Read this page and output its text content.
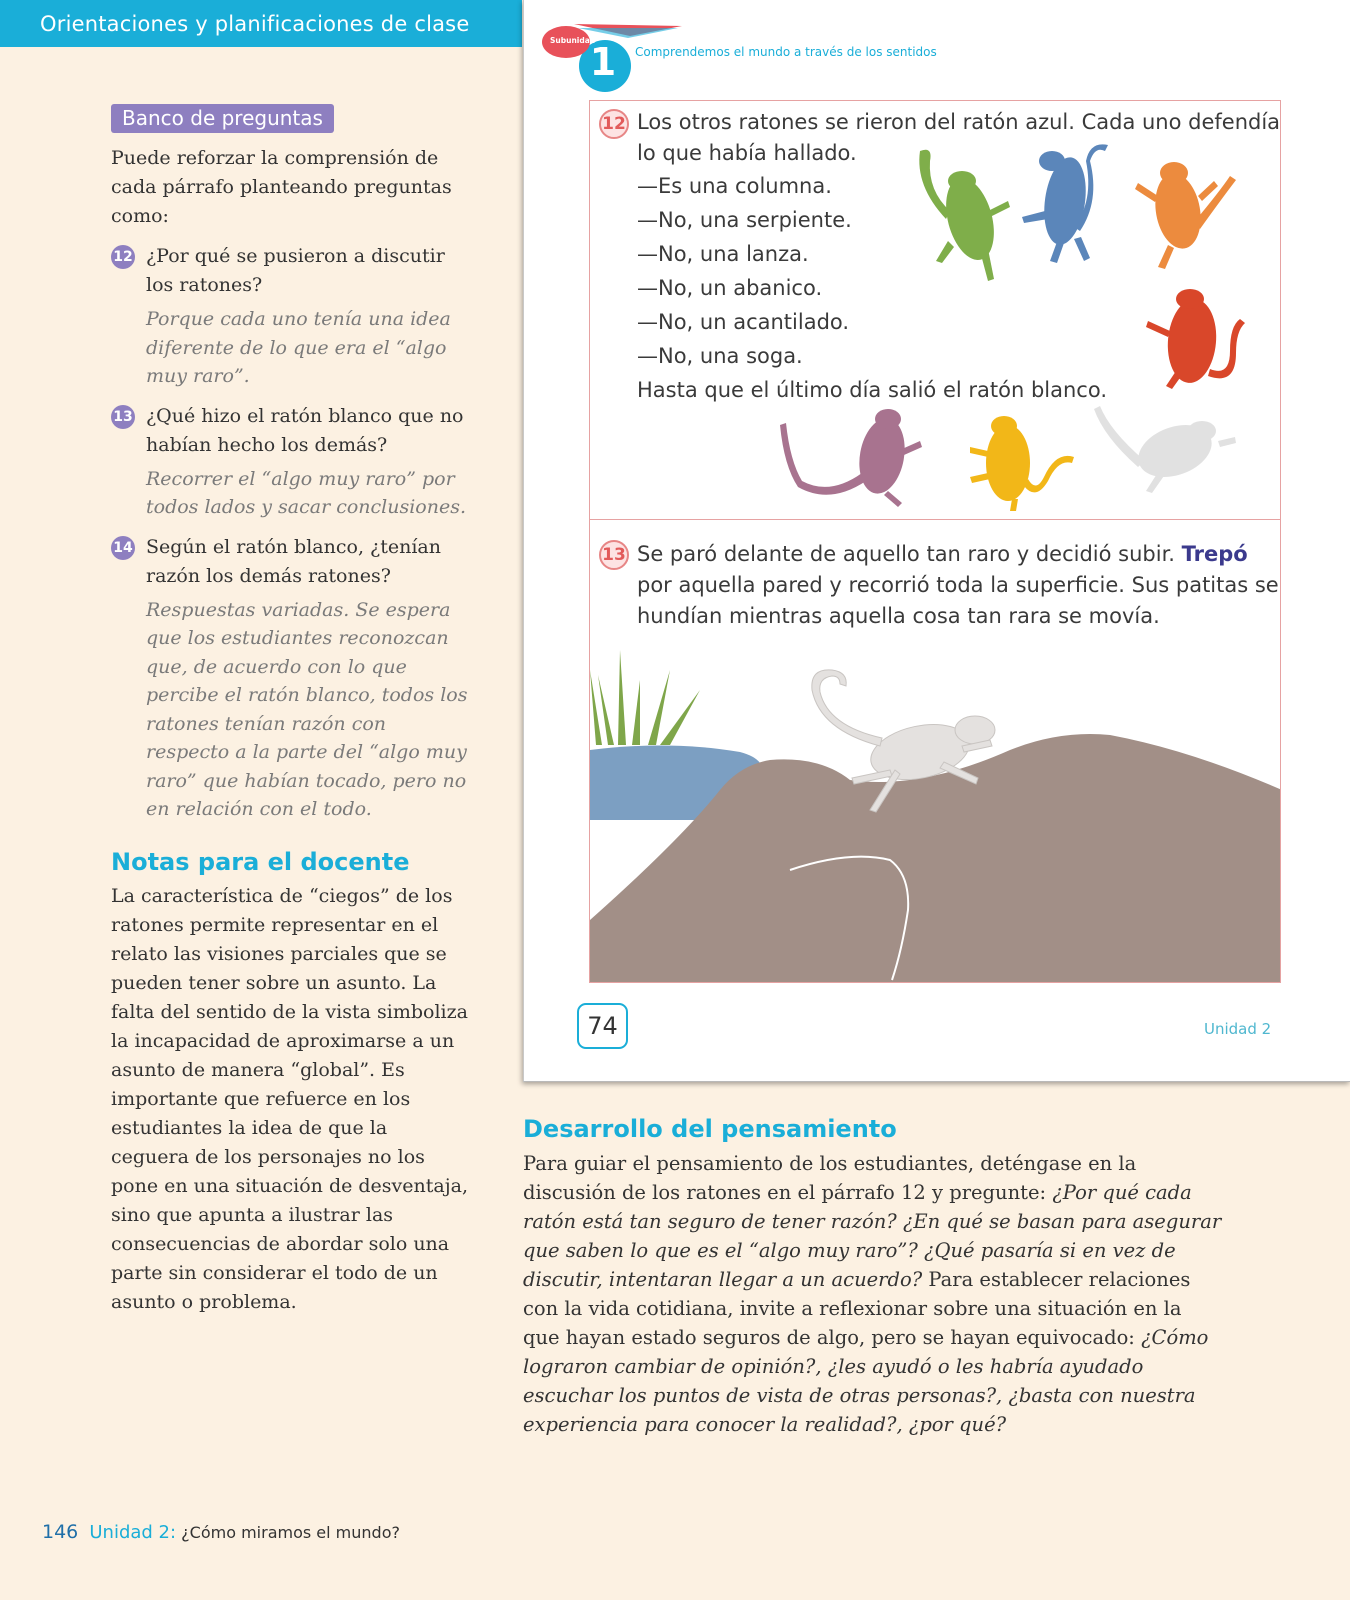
Orientaciones y planificaciones de clase
Banco de preguntas

Puede reforzar la comprensión de cada párrafo planteando preguntas como:

12 ¿Por qué se pusieron a discutir los ratones?

Porque cada uno tenía una idea diferente de lo que era el “algo muy raro”.

13 ¿Qué hizo el ratón blanco que no habían hecho los demás?

Recorrer el “algo muy raro” por todos lados y sacar conclusiones.

14 Según el ratón blanco, ¿tenían razón los demás ratones?

Respuestas variadas. Se espera que los estudiantes reconozcan que, de acuerdo con lo que percibe el ratón blanco, todos los ratones tenían razón con respecto a la parte del “algo muy raro” que habían tocado, pero no en relación con el todo.

Notas para el docente

La característica de “ciegos” de los ratones permite representar en el relato las visiones parciales que se pueden tener sobre un asunto. La falta del sentido de la vista simboliza la incapacidad de aproximarse a un asunto de manera “global”. Es importante que refuerce en los estudiantes la idea de que la ceguera de los personajes no los pone en una situación de desventaja, sino que apunta a ilustrar las consecuencias de abordar solo una parte sin considerar el todo de un asunto o problema.

Subunidad
1	Comprendemos el mundo a través de los sentidos
12 Los otros ratones se rieron del ratón azul. Cada uno defendía
lo que había hallado.
—Es una columna.
—No, una serpiente.
—No, una lanza.
—No, un abanico.
—No, un acantilado.
—No, una soga.
Hasta que el último día salió el ratón blanco.
13 Se paró delante de aquello tan raro y decidió subir. Trepó
por aquella pared y recorrió toda la superficie. Sus patitas se
hundían mientras aquella cosa tan rara se movía.
74	Unidad 2
Desarrollo del pensamiento

Para guiar el pensamiento de los estudiantes, deténgase en la discusión de los ratones en el párrafo 12 y pregunte: ¿Por qué cada ratón está tan seguro de tener razón? ¿En qué se basan para asegurar que saben lo que es el “algo muy raro”? ¿Qué pasaría si en vez de discutir, intentaran llegar a un acuerdo? Para establecer relaciones con la vida cotidiana, invite a reflexionar sobre una situación en la que hayan estado seguros de algo, pero se hayan equivocado: ¿Cómo lograron cambiar de opinión?, ¿les ayudó o les habría ayudado escuchar los puntos de vista de otras personas?, ¿basta con nuestra experiencia para conocer la realidad?, ¿por qué?

146 Unidad 2: ¿Cómo miramos el mundo?
